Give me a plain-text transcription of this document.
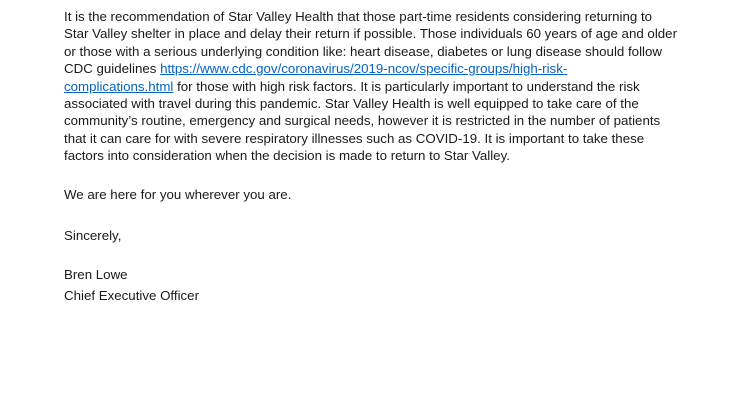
It is the recommendation of Star Valley Health that those part-time residents considering returning to
Star Valley shelter in place and delay their return if possible. Those individuals 60 years of age and older
or those with a serious underlying condition like: heart disease, diabetes or lung disease should follow
CDC guidelines https://www.cdc.gov/coronavirus/2019-ncov/specific-groups/high-risk-
complications.html for those with high risk factors. It is particularly important to understand the risk
associated with travel during this pandemic. Star Valley Health is well equipped to take care of the
community’s routine, emergency and surgical needs, however it is restricted in the number of patients
that it can care for with severe respiratory illnesses such as COVID-19. It is important to take these
factors into consideration when the decision is made to return to Star Valley.
We are here for you wherever you are.
Sincerely,
Bren Lowe
Chief Executive Officer
